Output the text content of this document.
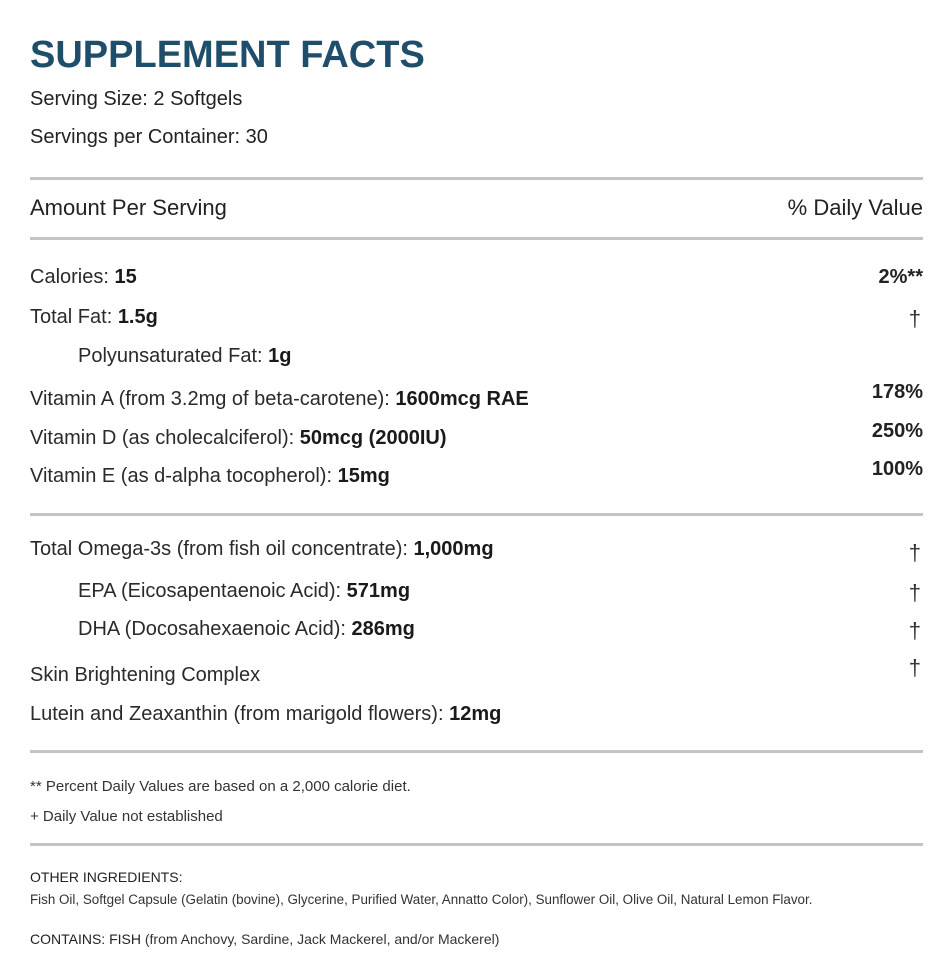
SUPPLEMENT FACTS
Serving Size: 2 Softgels
Servings per Container: 30
Amount Per Serving	% Daily Value
Calories: 15	2%**
Total Fat: 1.5g	†
Polyunsaturated Fat: 1g
Vitamin A (from 3.2mg of beta-carotene): 1600mcg RAE	178%
Vitamin D (as cholecalciferol): 50mcg (2000IU)	250%
Vitamin E (as d-alpha tocopherol): 15mg	100%
Total Omega-3s (from fish oil concentrate): 1,000mg	†
EPA (Eicosapentaenoic Acid): 571mg	†
DHA (Docosahexaenoic Acid): 286mg	†
Skin Brightening Complex	†
Lutein and Zeaxanthin (from marigold flowers): 12mg
** Percent Daily Values are based on a 2,000 calorie diet.
+ Daily Value not established
OTHER INGREDIENTS:
Fish Oil, Softgel Capsule (Gelatin (bovine), Glycerine, Purified Water, Annatto Color), Sunflower Oil, Olive Oil, Natural Lemon Flavor.
CONTAINS: FISH (from Anchovy, Sardine, Jack Mackerel, and/or Mackerel)
